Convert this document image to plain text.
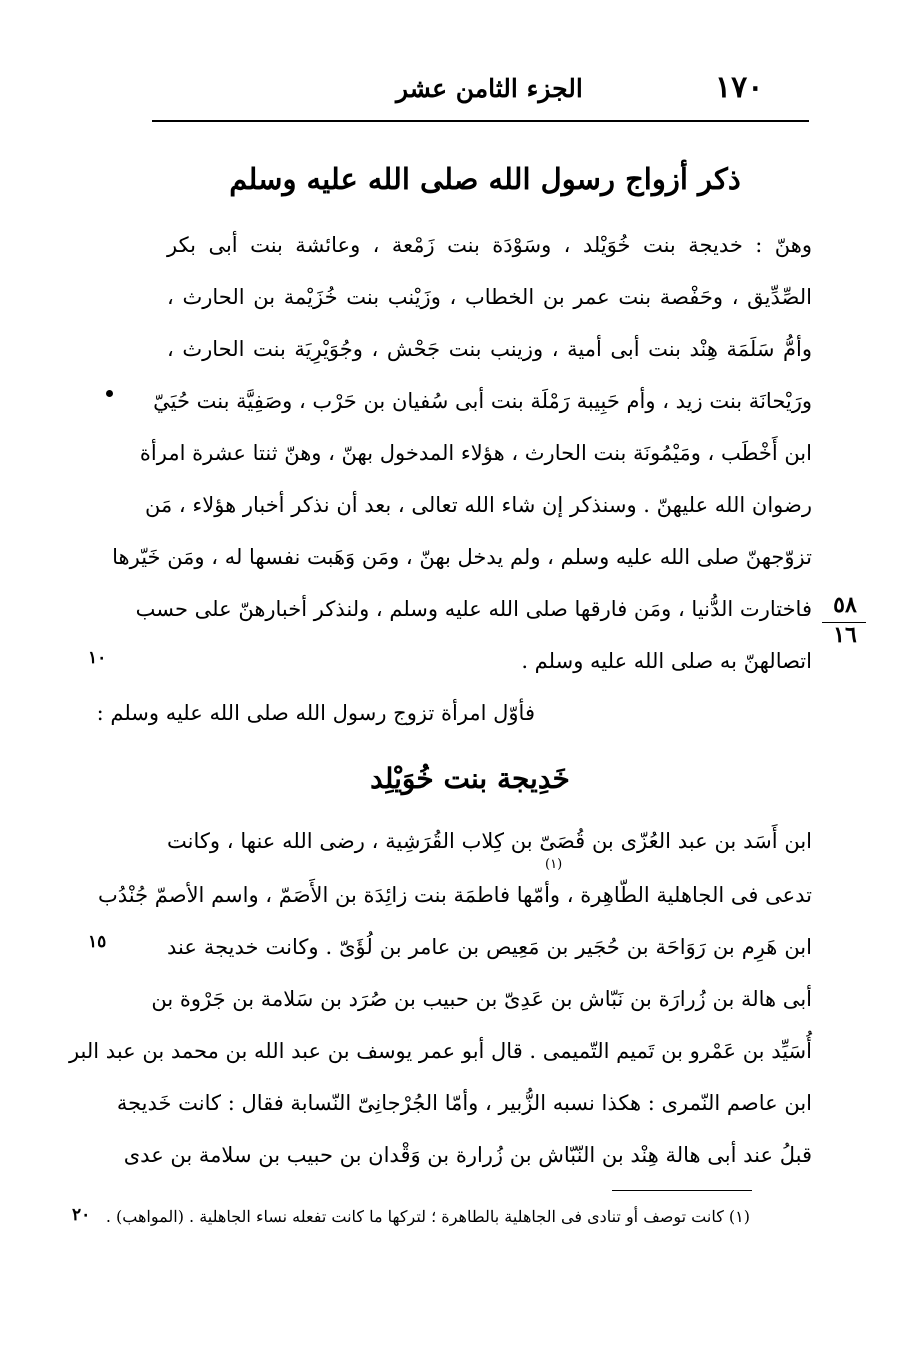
١٧٠
الجزء الثامن عشر
ذكر أزواج رسول الله صلى الله عليه وسلم
وهنّ : خديجة بنت خُوَيْلد ، وسَوْدَة بنت زَمْعة ، وعائشة بنت أبى بكر
الصِّدِّيق ، وحَفْصة بنت عمر بن الخطاب ، وزَيْنب بنت خُزَيْمة بن الحارث ،
وأمُّ سَلَمَة هِنْد بنت أبى أمية ، وزينب بنت جَحْش ، وجُوَيْرِيَة بنت الحارث ،
ورَيْحانَة بنت زيد ، وأم حَبِيبة رَمْلَة بنت أبى سُفيان بن حَرْب ، وصَفِيَّة بنت حُيَيّ
ابن أَخْطَب ، ومَيْمُونَة بنت الحارث ، هؤلاء المدخول بهنّ ، وهنّ ثنتا عشرة امرأة
رضوان الله عليهنّ . وسنذكر إن شاء الله تعالى ، بعد أن نذكر أخبار هؤلاء ، مَن
تزوّجهنّ صلى الله عليه وسلم ، ولم يدخل بهنّ ، ومَن وَهَبت نفسها له ، ومَن خَيّرها
فاختارت الدُّنيا ، ومَن فارقها صلى الله عليه وسلم ، ولنذكر أخبارهنّ على حسب
اتصالهنّ به صلى الله عليه وسلم .
فأوّل امرأة تزوج رسول الله صلى الله عليه وسلم :
خَدِيجة بنت خُوَيْلِد
ابن أَسَد بن عبد العُزّى بن قُصَىّ بن كِلاب القُرَشِية ، رضى الله عنها ، وكانت
(١)
تدعى فى الجاهلية الطّاهِرة ، وأمّها فاطمَة بنت زائِدَة بن الأَصَمّ ، واسم الأصمّ جُنْدُب
ابن هَرِم بن رَوَاحَة بن حُجَير بن مَعِيص بن عامر بن لُؤَىّ . وكانت خديجة عند
أبى هالة بن زُرارَة بن نَبّاش بن عَدِىّ بن حبيب بن صُرَد بن سَلامة بن جَرْوة بن
أُسَيِّد بن عَمْرو بن تَميم التّميمى . قال أبو عمر يوسف بن عبد الله بن محمد بن عبد البر
ابن عاصم النّمرى : هكذا نسبه الزُّبير ، وأمّا الجُرْجانِىّ النّسابة فقال : كانت خَديجة
قبلُ عند أبى هالة هِنْد بن النّبّاش بن زُرارة بن وَقْدان بن حبيب بن سلامة بن عدى
(١) كانت توصف أو تنادى فى الجاهلية بالطاهرة ؛ لتركها ما كانت تفعله نساء الجاهلية . (المواهب) .
١٠
١٥
٢٠
٥٨
١٦
